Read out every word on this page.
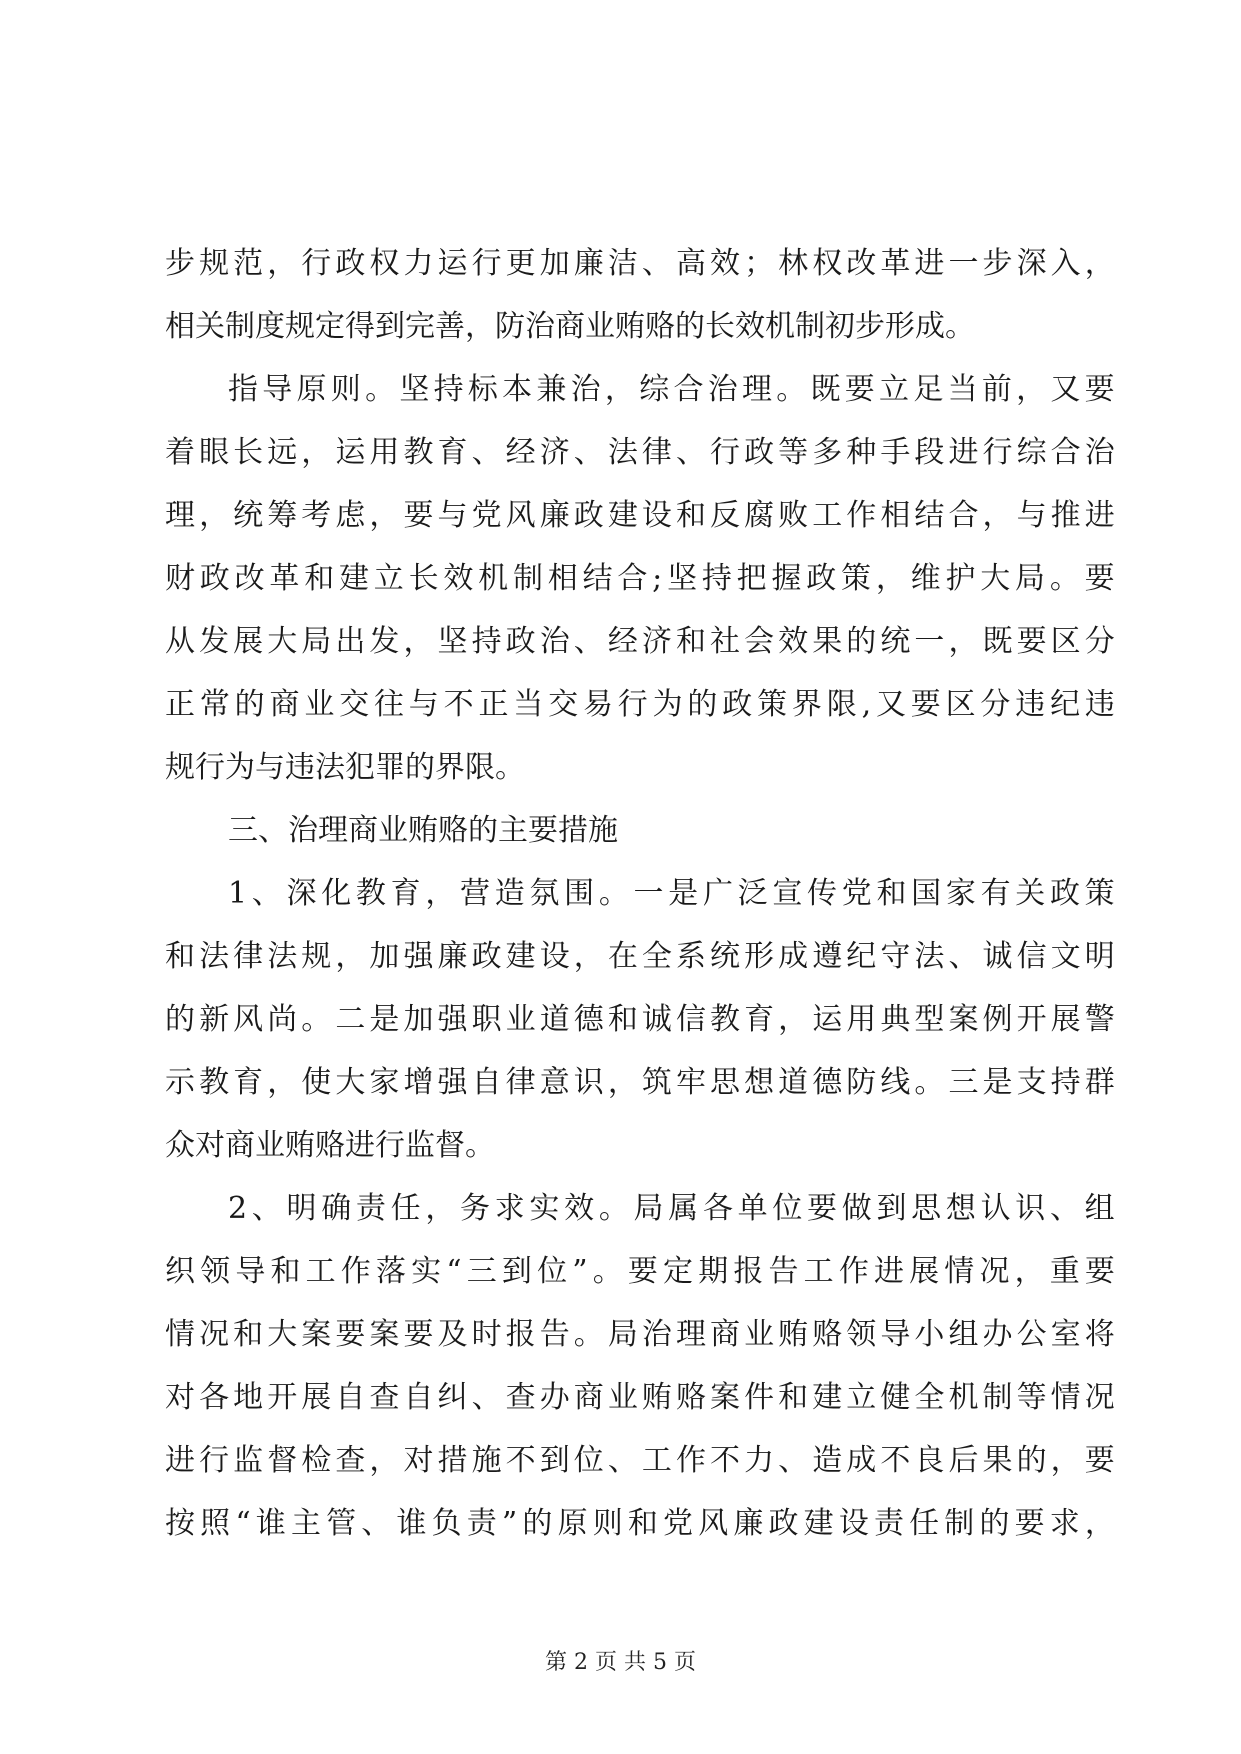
步 规 范 ， 行 政 权 力 运 行 更 加 廉 洁 、 高 效 ； 林 权 改 革 进 一 步 深 入 ，
相 关 制 度 规 定 得 到 完 善 ， 防 治 商 业 贿 赂 的 长 效 机 制 初 步 形 成 。
指 导 原 则 。 坚 持 标 本 兼 治 ， 综 合 治 理 。 既 要 立 足 当 前 ， 又 要
着 眼 长 远 ， 运 用 教 育 、 经 济 、 法 律 、 行 政 等 多 种 手 段 进 行 综 合 治
理 ， 统 筹 考 虑 ， 要 与 党 风 廉 政 建 设 和 反 腐 败 工 作 相 结 合 ， 与 推 进
财 政 改 革 和 建 立 长 效 机 制 相 结 合 ; 坚 持 把 握 政 策 ， 维 护 大 局 。 要
从 发 展 大 局 出 发 ， 坚 持 政 治 、 经 济 和 社 会 效 果 的 统 一 ， 既 要 区 分
正 常 的 商 业 交 往 与 不 正 当 交 易 行 为 的 政 策 界 限 , 又 要 区 分 违 纪 违
规 行 为 与 违 法 犯 罪 的 界 限 。
三 、 治 理 商 业 贿 赂 的 主 要 措 施
1 、 深 化 教 育 ， 营 造 氛 围 。 一 是 广 泛 宣 传 党 和 国 家 有 关 政 策
和 法 律 法 规 ， 加 强 廉 政 建 设 ， 在 全 系 统 形 成 遵 纪 守 法 、 诚 信 文 明
的 新 风 尚 。 二 是 加 强 职 业 道 德 和 诚 信 教 育 ， 运 用 典 型 案 例 开 展 警
示 教 育 ， 使 大 家 增 强 自 律 意 识 ， 筑 牢 思 想 道 德 防 线 。 三 是 支 持 群
众 对 商 业 贿 赂 进 行 监 督 。
2 、 明 确 责 任 ， 务 求 实 效 。 局 属 各 单 位 要 做 到 思 想 认 识 、 组
织 领 导 和 工 作 落 实 “ 三 到 位 ” 。 要 定 期 报 告 工 作 进 展 情 况 ， 重 要
情 况 和 大 案 要 案 要 及 时 报 告 。 局 治 理 商 业 贿 赂 领 导 小 组 办 公 室 将
对 各 地 开 展 自 查 自 纠 、 查 办 商 业 贿 赂 案 件 和 建 立 健 全 机 制 等 情 况
进 行 监 督 检 查 ， 对 措 施 不 到 位 、 工 作 不 力 、 造 成 不 良 后 果 的 ， 要
按 照 “ 谁 主 管 、 谁 负 责 ” 的 原 则 和 党 风 廉 政 建 设 责 任 制 的 要 求 ，
第 2 页 共 5 页
